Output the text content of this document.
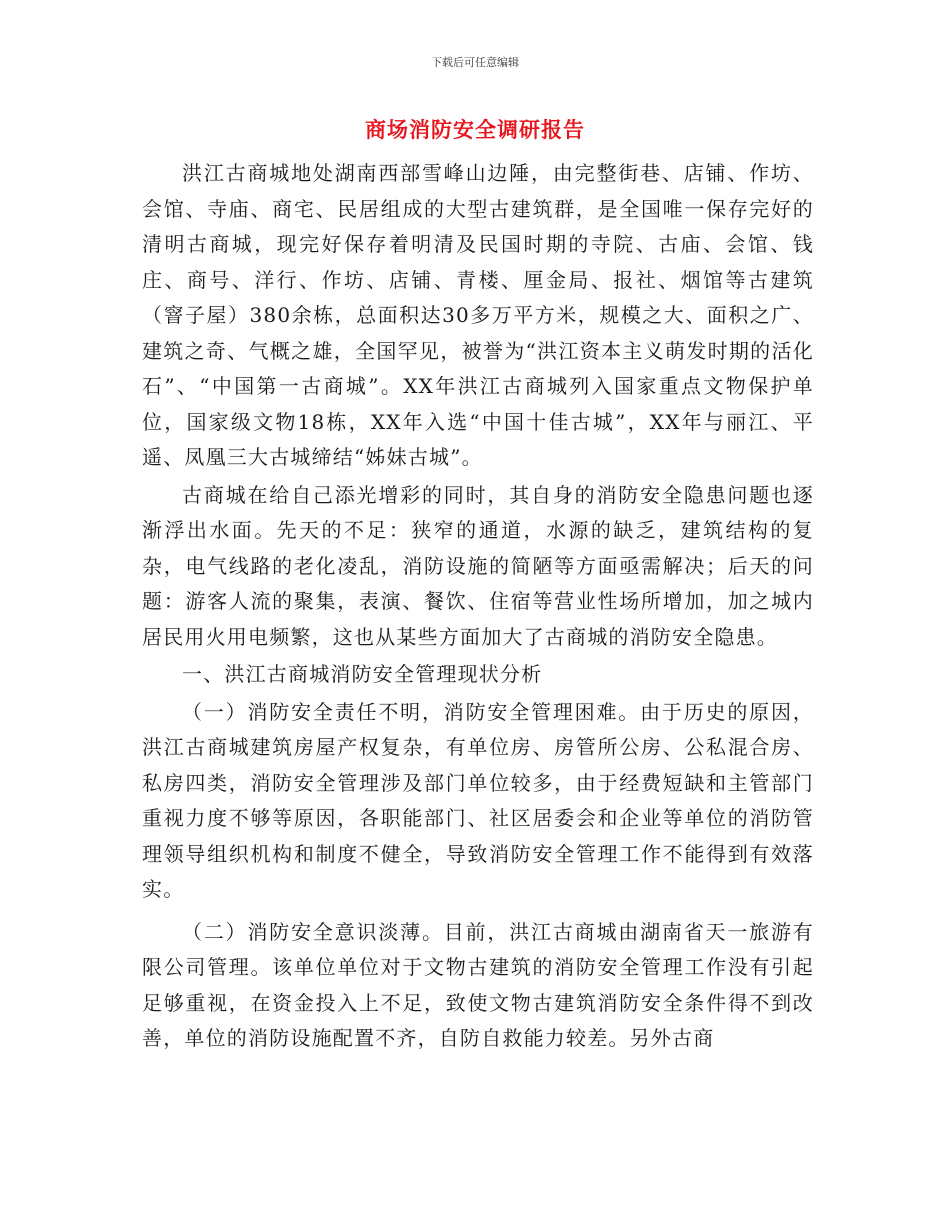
下载后可任意编辑
商场消防安全调研报告

洪江古商城地处湖南西部雪峰山边陲，由完整街巷、店铺、作坊、会馆、寺庙、商宅、民居组成的大型古建筑群，是全国唯一保存完好的清明古商城，现完好保存着明清及民国时期的寺院、古庙、会馆、钱庄、商号、洋行、作坊、店铺、青楼、厘金局、报社、烟馆等古建筑（窨子屋）380余栋，总面积达30多万平方米，规模之大、面积之广、建筑之奇、气概之雄，全国罕见，被誉为“洪江资本主义萌发时期的活化石”、“中国第一古商城”。XX年洪江古商城列入国家重点文物保护单位，国家级文物18栋，XX年入选“中国十佳古城”，XX年与丽江、平遥、凤凰三大古城缔结“姊妹古城”。

古商城在给自己添光增彩的同时，其自身的消防安全隐患问题也逐渐浮出水面。先天的不足：狭窄的通道，水源的缺乏，建筑结构的复杂，电气线路的老化凌乱，消防设施的简陋等方面亟需解决；后天的问题：游客人流的聚集，表演、餐饮、住宿等营业性场所增加，加之城内居民用火用电频繁，这也从某些方面加大了古商城的消防安全隐患。

一、洪江古商城消防安全管理现状分析

（一）消防安全责任不明，消防安全管理困难。由于历史的原因，洪江古商城建筑房屋产权复杂，有单位房、房管所公房、公私混合房、私房四类，消防安全管理涉及部门单位较多，由于经费短缺和主管部门重视力度不够等原因，各职能部门、社区居委会和企业等单位的消防管理领导组织机构和制度不健全，导致消防安全管理工作不能得到有效落实。

（二）消防安全意识淡薄。目前，洪江古商城由湖南省天一旅游有限公司管理。该单位单位对于文物古建筑的消防安全管理工作没有引起足够重视，在资金投入上不足，致使文物古建筑消防安全条件得不到改善，单位的消防设施配置不齐，自防自救能力较差。另外古商
